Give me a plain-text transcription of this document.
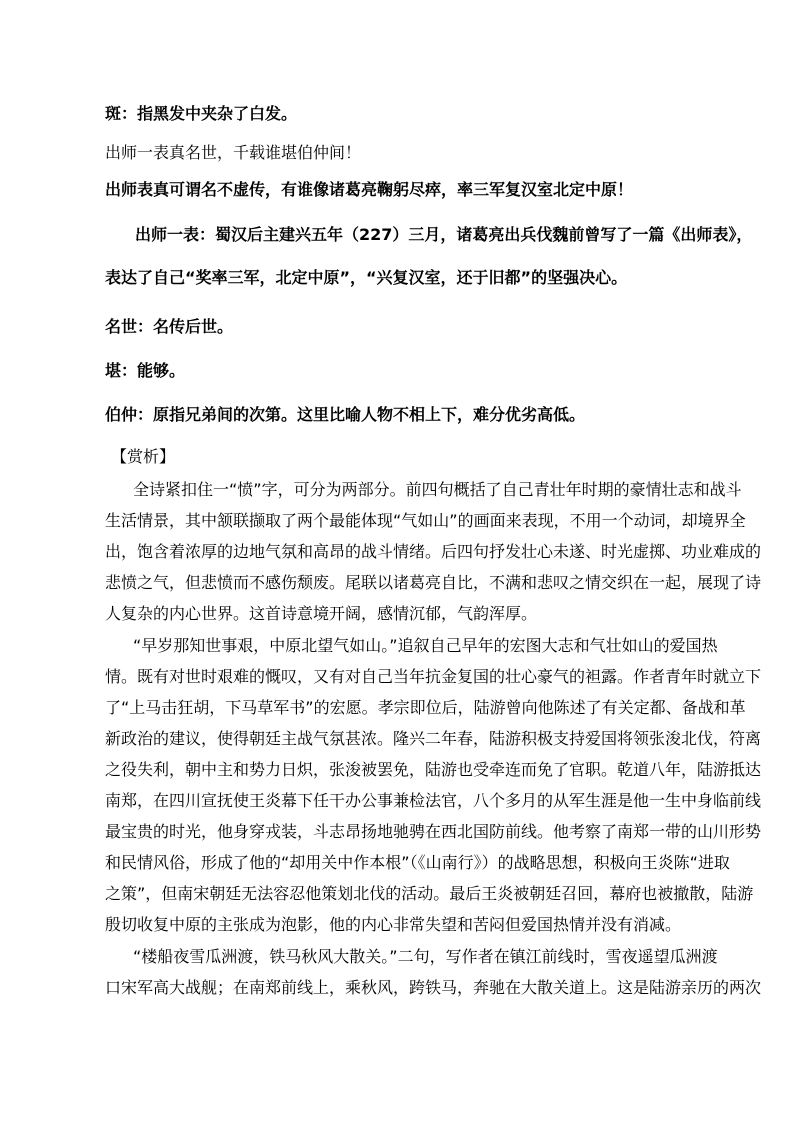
斑：指黑发中夹杂了白发。
出师一表真名世，千载谁堪伯仲间！
出师表真可谓名不虚传，有谁像诸葛亮鞠躬尽瘁，率三军复汉室北定中原！
出师一表：蜀汉后主建兴五年（227）三月，诸葛亮出兵伐魏前曾写了一篇《出师表》，
表达了自己“奖率三军，北定中原”，“兴复汉室，还于旧都”的坚强决心。
名世：名传后世。
堪：能够。
伯仲：原指兄弟间的次第。这里比喻人物不相上下，难分优劣高低。
【赏析】
全诗紧扣住一“愤”字，可分为两部分。前四句概括了自己青壮年时期的豪情壮志和战斗
生活情景，其中颔联撷取了两个最能体现“气如山”的画面来表现，不用一个动词，却境界全
出，饱含着浓厚的边地气氛和高昂的战斗情绪。后四句抒发壮心未遂、时光虚掷、功业难成的
悲愤之气，但悲愤而不感伤颓废。尾联以诸葛亮自比，不满和悲叹之情交织在一起，展现了诗
人复杂的内心世界。这首诗意境开阔，感情沉郁，气韵浑厚。
“早岁那知世事艰，中原北望气如山。”追叙自己早年的宏图大志和气壮如山的爱国热
情。既有对世时艰难的慨叹，又有对自己当年抗金复国的壮心豪气的袒露。作者青年时就立下
了“上马击狂胡，下马草军书”的宏愿。孝宗即位后，陆游曾向他陈述了有关定都、备战和革
新政治的建议，使得朝廷主战气氛甚浓。隆兴二年春，陆游积极支持爱国将领张浚北伐，符离
之役失利，朝中主和势力日炽，张浚被罢免，陆游也受牵连而免了官职。乾道八年，陆游抵达
南郑，在四川宣抚使王炎幕下任干办公事兼检法官，八个多月的从军生涯是他一生中身临前线
最宝贵的时光，他身穿戎装，斗志昂扬地驰骋在西北国防前线。他考察了南郑一带的山川形势
和民情风俗，形成了他的“却用关中作本根”（《山南行》）的战略思想，积极向王炎陈“进取
之策”，但南宋朝廷无法容忍他策划北伐的活动。最后王炎被朝廷召回，幕府也被撤散，陆游
殷切收复中原的主张成为泡影，他的内心非常失望和苦闷但爱国热情并没有消减。
“楼船夜雪瓜洲渡，铁马秋风大散关。”二句，写作者在镇江前线时，雪夜遥望瓜洲渡
口宋军高大战舰；在南郑前线上，乘秋风，跨铁马，奔驰在大散关道上。这是陆游亲历的两次
